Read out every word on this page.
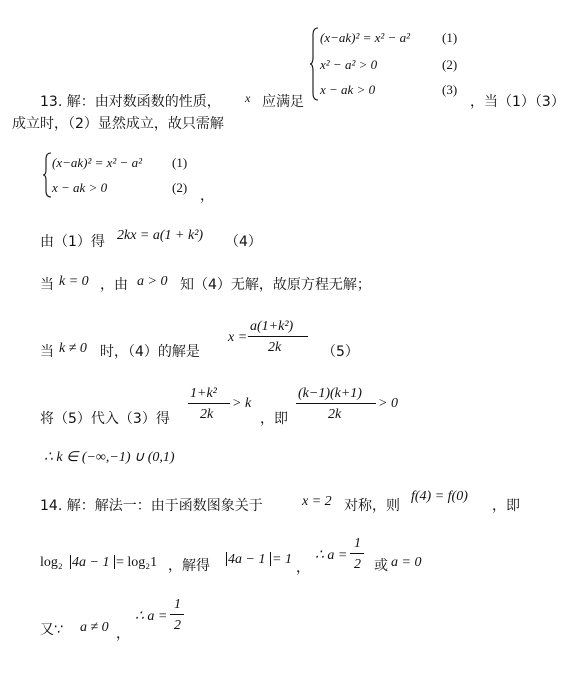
(x−ak)² = x² − a² (1)
x² − a² > 0	(2)
x − ak > 0	(3)
13. 解：由对数函数的性质， x 应满足	，当（1）（3）
成立时，（2）显然成立，故只需解
(x−ak)² = x² − a² (1)
x − ak > 0	(2)
，
由（1）得 2kx = a(1 + k²) （4）
当 k = 0 ，由 a > 0 知（4）无解，故原方程无解；
当 k ≠ 0 时，（4）的解是
x =
a(1+k²)
2k	（5）
将（5）代入（3）得
1+k²
2k
> k
，即
(k−1)(k+1)
2k
> 0
∴ k ∈ (−∞,−1) ∪ (0,1)
14. 解：解法一：由于函数图象关于	x = 2 对称，则
f(4) = f(0)
，即
log₂ 4a − 1 = log₂1 ，解得 4a − 1 = 1
，
∴ a =
1
2 或 a = 0
又∵ a ≠ 0 ，
∴ a =
1
2
